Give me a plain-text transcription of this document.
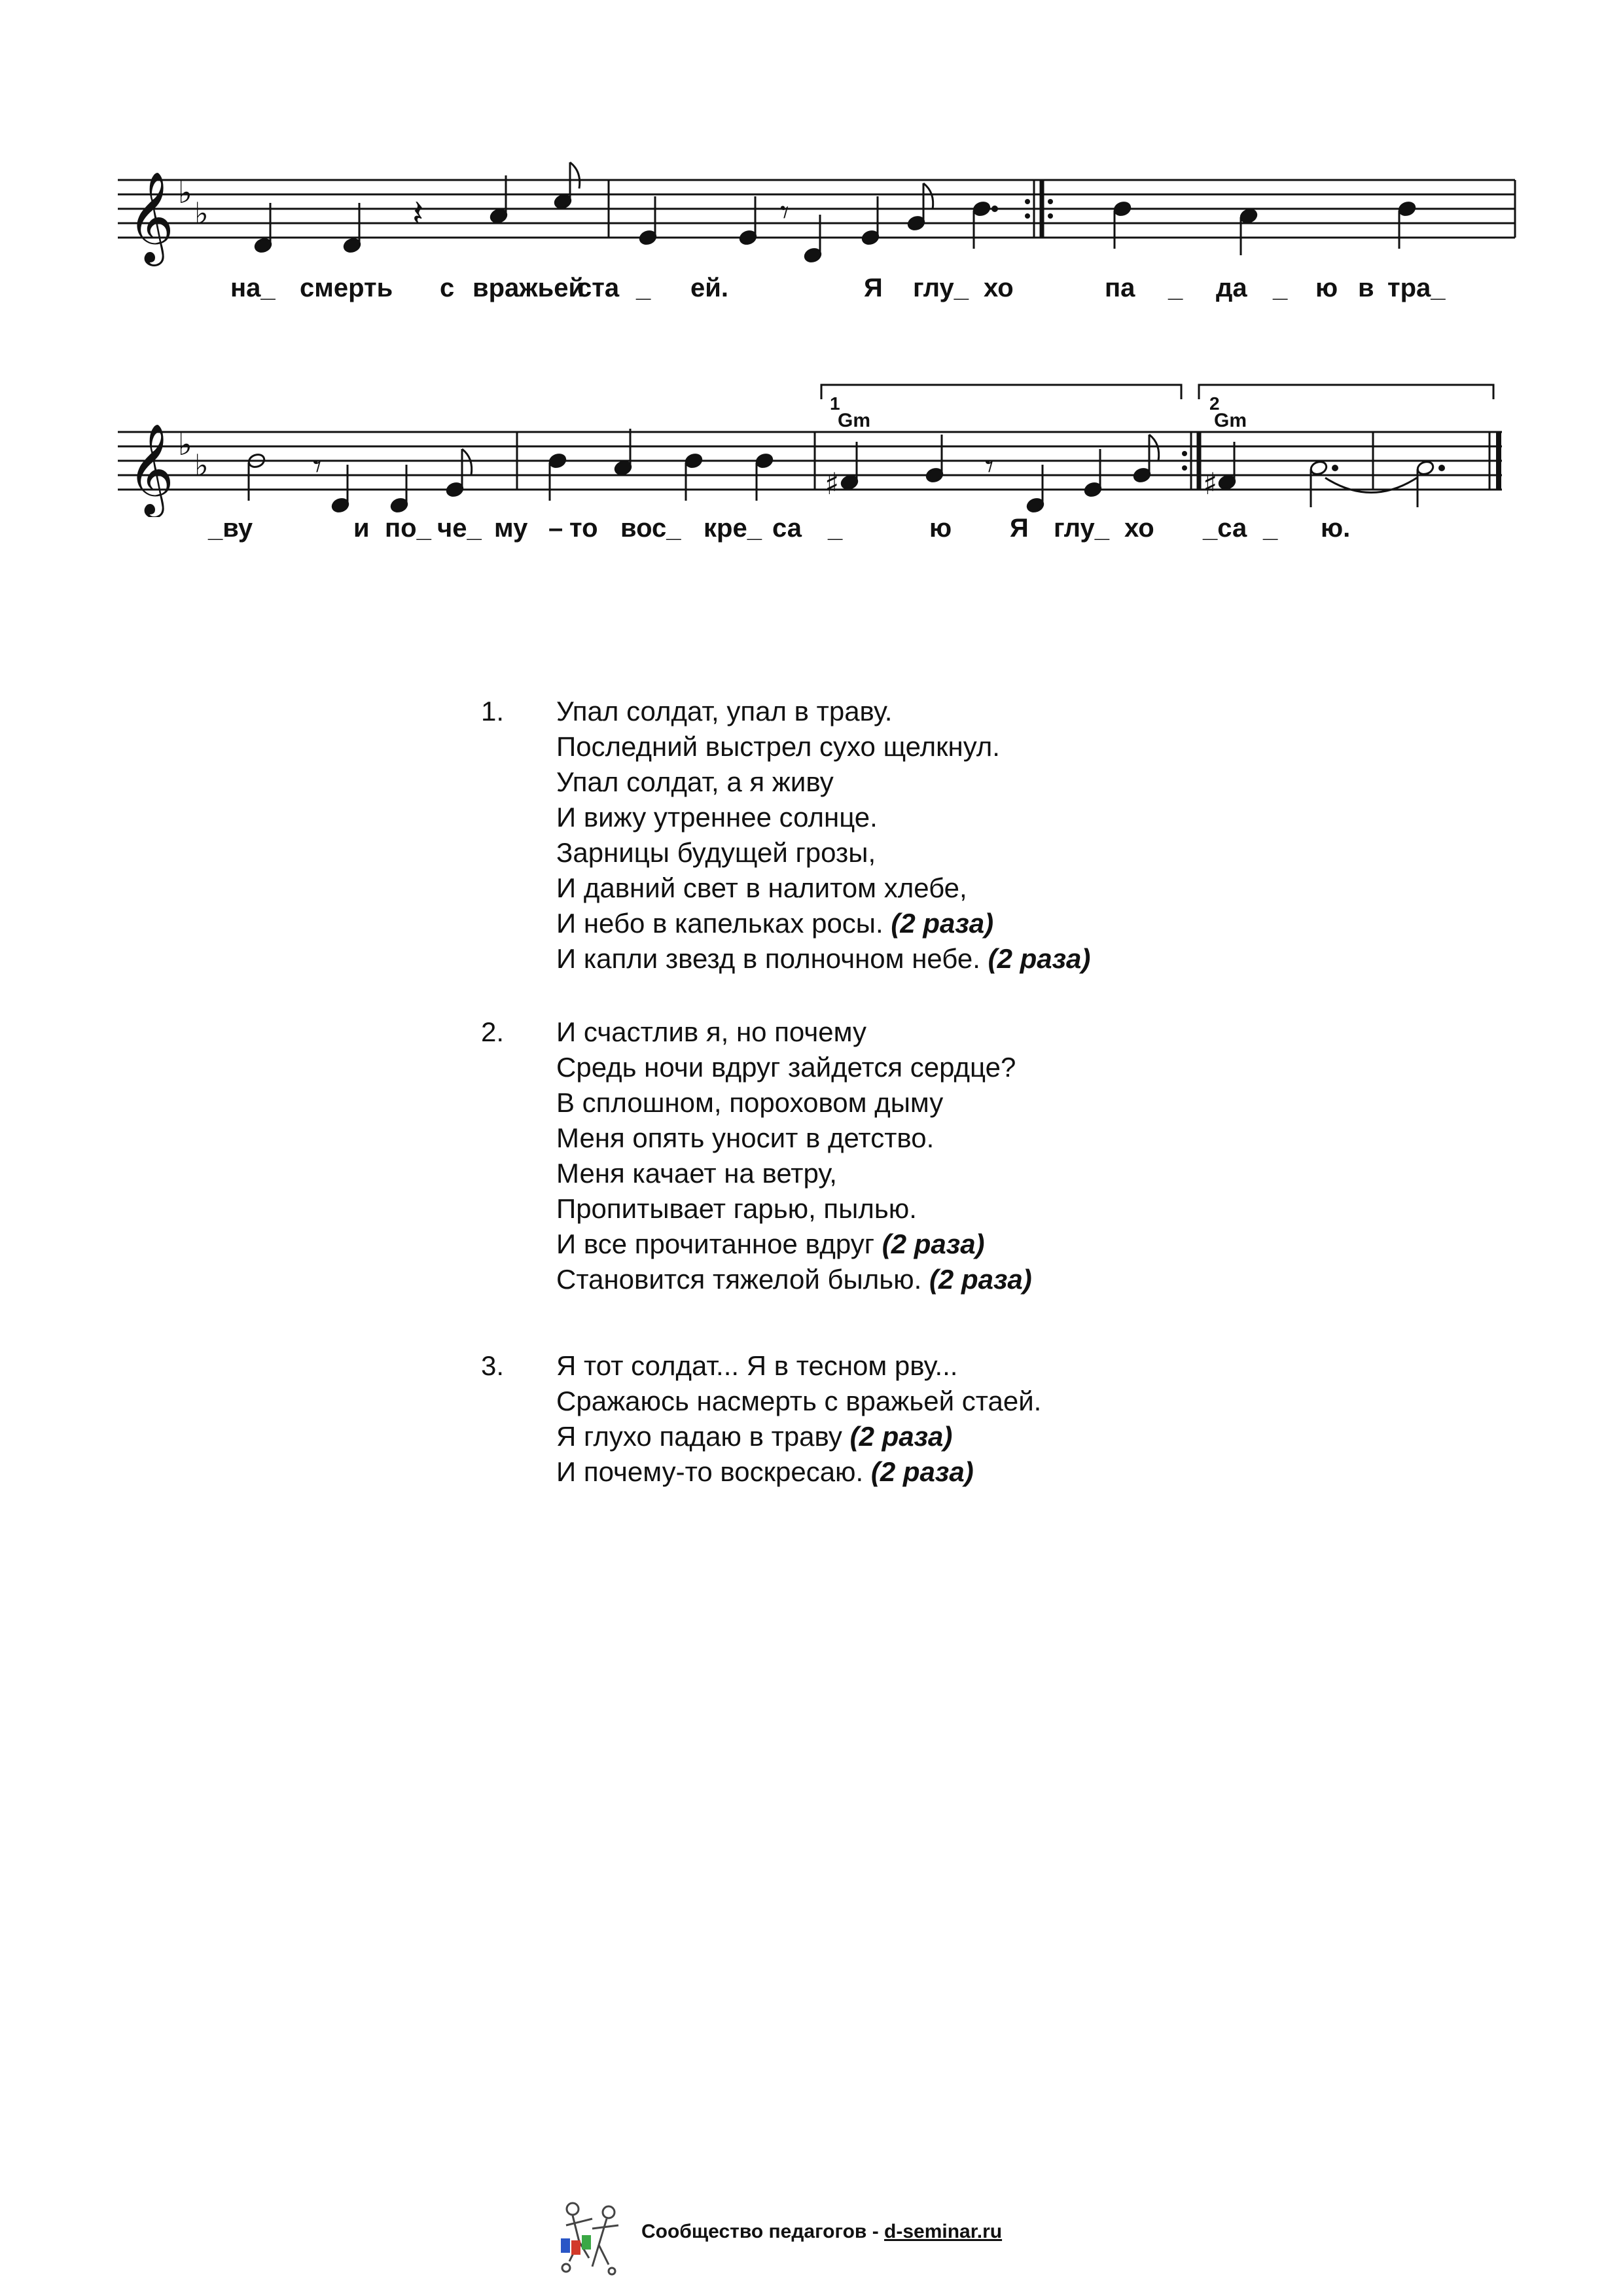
𝄞 ♭
♭	𝄽	𝄾
на_ смерть с вражьей
ста _ ей.	Я глу_ хо	па _ да _ ю в тра_
1	2
Gm	Gm
𝄞 ♭
♭
♯	♯
𝄾	𝄾
_ву	и по_ че_ му – то вос_ кре_ са _	ю Я глу_ хо _са _ ю.
1. Упал солдат, упал в траву.
Последний выстрел сухо щелкнул.
Упал солдат, а я живу
И вижу утреннее солнце.
Зарницы будущей грозы,
И давний свет в налитом хлебе,
И небо в капельках росы. (2 раза)
И капли звезд в полночном небе. (2 раза)
2. И счастлив я, но почему
Средь ночи вдруг зайдется сердце?
В сплошном, пороховом дыму
Меня опять уносит в детство.
Меня качает на ветру,
Пропитывает гарью, пылью.
И все прочитанное вдруг (2 раза)
Становится тяжелой былью. (2 раза)
3. Я тот солдат... Я в тесном рву...
Сражаюсь насмерть с вражьей стаей.
Я глухо падаю в траву (2 раза)
И почему-то воскресаю. (2 раза)
Сообщество педагогов - d-seminar.ru
